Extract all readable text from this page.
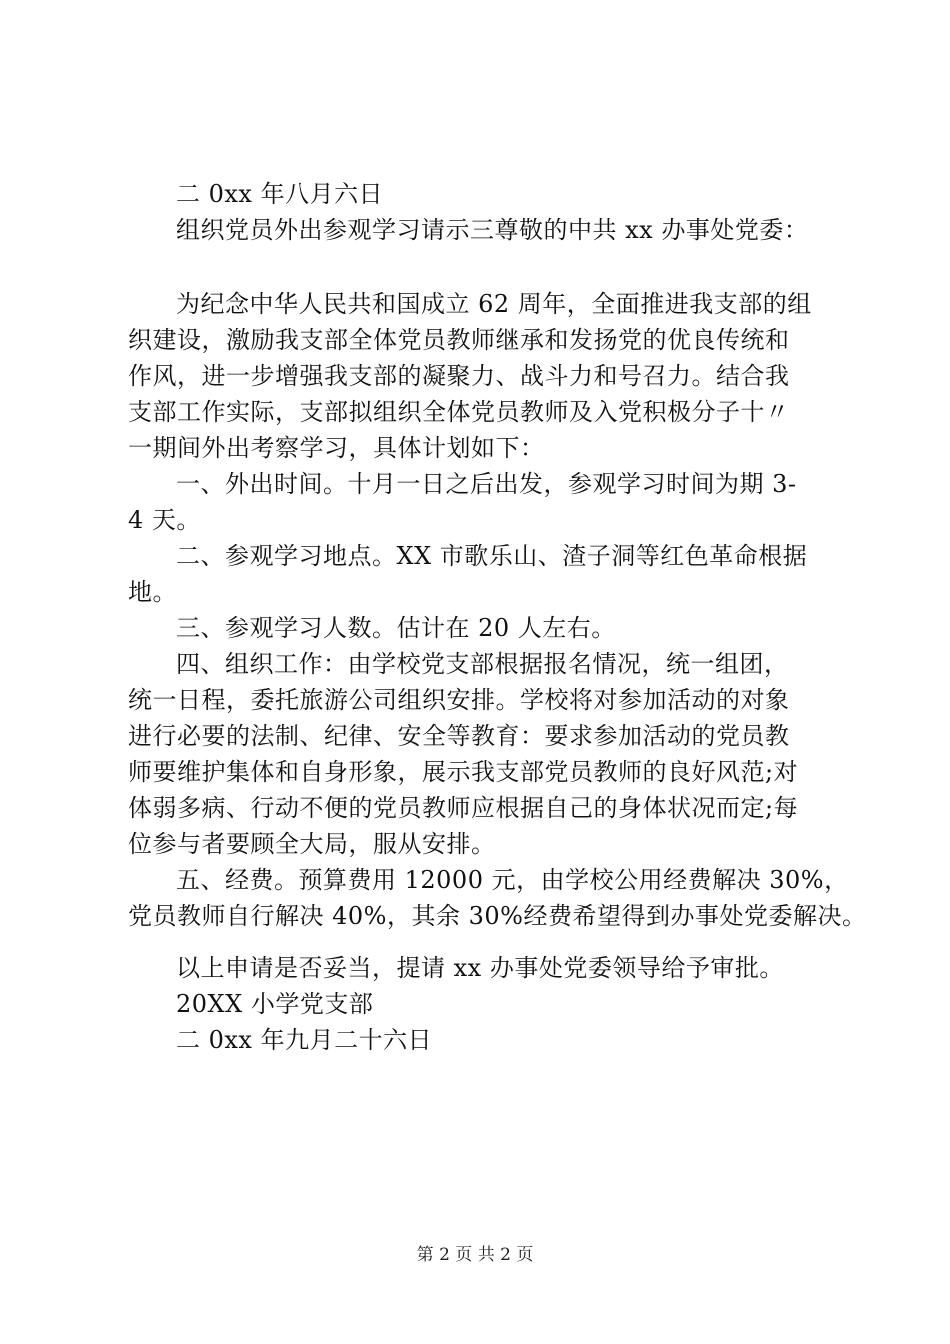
二 0xx 年八月六日
组织党员外出参观学习请示三尊敬的中共 xx 办事处党委：
为纪念中华人民共和国成立 62 周年，全面推进我支部的组
织建设，激励我支部全体党员教师继承和发扬党的优良传统和
作风，进一步增强我支部的凝聚力、战斗力和号召力。结合我
支部工作实际，支部拟组织全体党员教师及入党积极分子十〃
一期间外出考察学习，具体计划如下：
一、外出时间。十月一日之后出发，参观学习时间为期 3-
4 天。
二、参观学习地点。XX 市歌乐山、渣子洞等红色革命根据
地。
三、参观学习人数。估计在 20 人左右。
四、组织工作：由学校党支部根据报名情况，统一组团，
统一日程，委托旅游公司组织安排。学校将对参加活动的对象
进行必要的法制、纪律、安全等教育：要求参加活动的党员教
师要维护集体和自身形象，展示我支部党员教师的良好风范;对
体弱多病、行动不便的党员教师应根据自己的身体状况而定;每
位参与者要顾全大局，服从安排。
五、经费。预算费用 12000 元，由学校公用经费解决 30%，
党员教师自行解决 40%，其余 30%经费希望得到办事处党委解决。
以上申请是否妥当，提请 xx 办事处党委领导给予审批。
20XX 小学党支部
二 0xx 年九月二十六日
第 2 页 共 2 页
